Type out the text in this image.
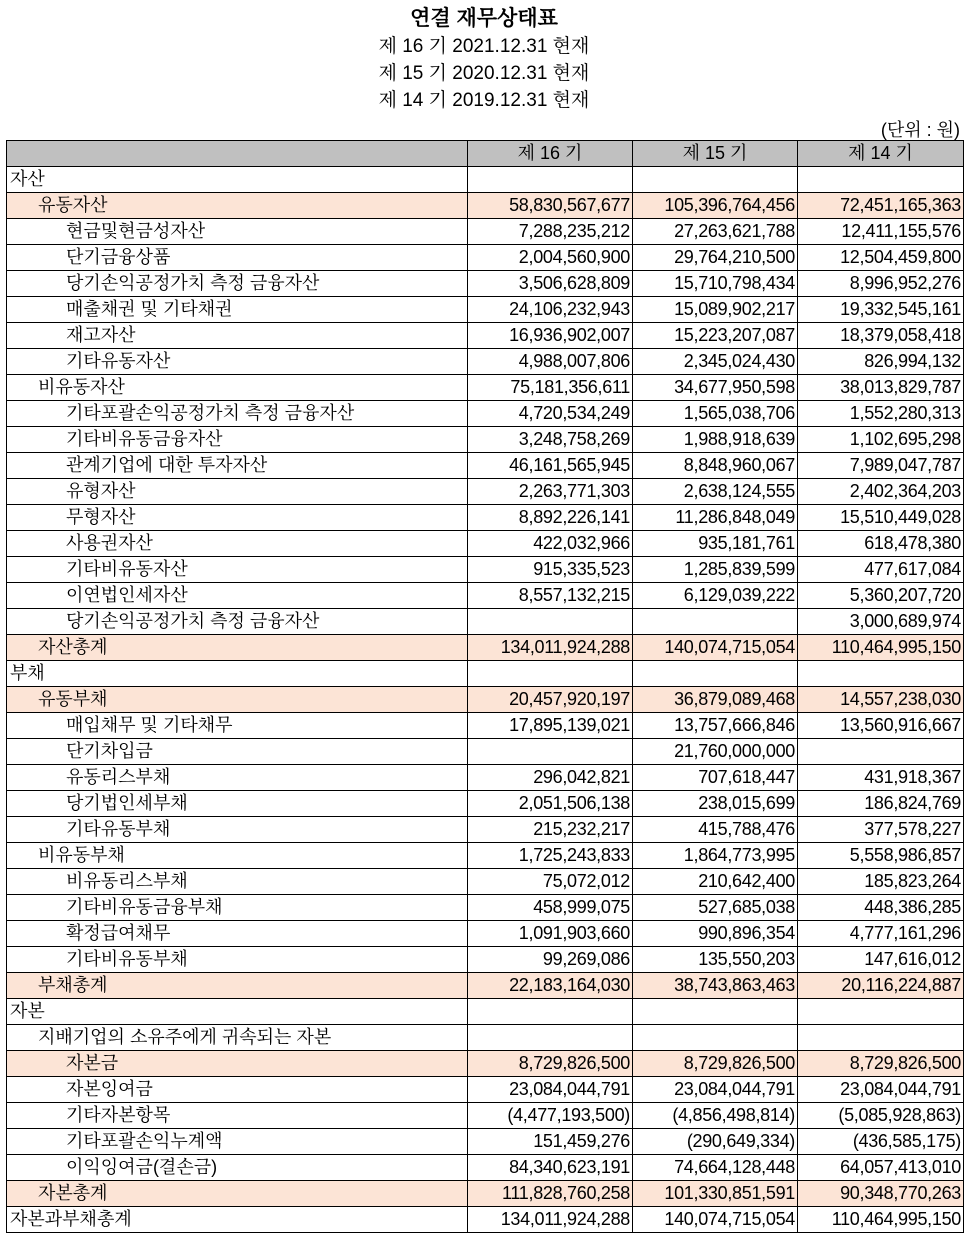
연결 재무상태표
제 16 기 2021.12.31 현재
제 15 기 2020.12.31 현재
제 14 기 2019.12.31 현재
(단위 : 원)
	제 16 기	제 15 기	제 14 기
자산			
유동자산	58,830,567,677	105,396,764,456	72,451,165,363
현금및현금성자산	7,288,235,212	27,263,621,788	12,411,155,576
단기금융상품	2,004,560,900	29,764,210,500	12,504,459,800
당기손익공정가치 측정 금융자산	3,506,628,809	15,710,798,434	8,996,952,276
매출채권 및 기타채권	24,106,232,943	15,089,902,217	19,332,545,161
재고자산	16,936,902,007	15,223,207,087	18,379,058,418
기타유동자산	4,988,007,806	2,345,024,430	826,994,132
비유동자산	75,181,356,611	34,677,950,598	38,013,829,787
기타포괄손익공정가치 측정 금융자산	4,720,534,249	1,565,038,706	1,552,280,313
기타비유동금융자산	3,248,758,269	1,988,918,639	1,102,695,298
관계기업에 대한 투자자산	46,161,565,945	8,848,960,067	7,989,047,787
유형자산	2,263,771,303	2,638,124,555	2,402,364,203
무형자산	8,892,226,141	11,286,848,049	15,510,449,028
사용권자산	422,032,966	935,181,761	618,478,380
기타비유동자산	915,335,523	1,285,839,599	477,617,084
이연법인세자산	8,557,132,215	6,129,039,222	5,360,207,720
당기손익공정가치 측정 금융자산			3,000,689,974
자산총계	134,011,924,288	140,074,715,054	110,464,995,150
부채			
유동부채	20,457,920,197	36,879,089,468	14,557,238,030
매입채무 및 기타채무	17,895,139,021	13,757,666,846	13,560,916,667
단기차입금		21,760,000,000	
유동리스부채	296,042,821	707,618,447	431,918,367
당기법인세부채	2,051,506,138	238,015,699	186,824,769
기타유동부채	215,232,217	415,788,476	377,578,227
비유동부채	1,725,243,833	1,864,773,995	5,558,986,857
비유동리스부채	75,072,012	210,642,400	185,823,264
기타비유동금융부채	458,999,075	527,685,038	448,386,285
확정급여채무	1,091,903,660	990,896,354	4,777,161,296
기타비유동부채	99,269,086	135,550,203	147,616,012
부채총계	22,183,164,030	38,743,863,463	20,116,224,887
자본			
지배기업의 소유주에게 귀속되는 자본			
자본금	8,729,826,500	8,729,826,500	8,729,826,500
자본잉여금	23,084,044,791	23,084,044,791	23,084,044,791
기타자본항목	(4,477,193,500)	(4,856,498,814)	(5,085,928,863)
기타포괄손익누계액	151,459,276	(290,649,334)	(436,585,175)
이익잉여금(결손금)	84,340,623,191	74,664,128,448	64,057,413,010
자본총계	111,828,760,258	101,330,851,591	90,348,770,263
자본과부채총계	134,011,924,288	140,074,715,054	110,464,995,150
